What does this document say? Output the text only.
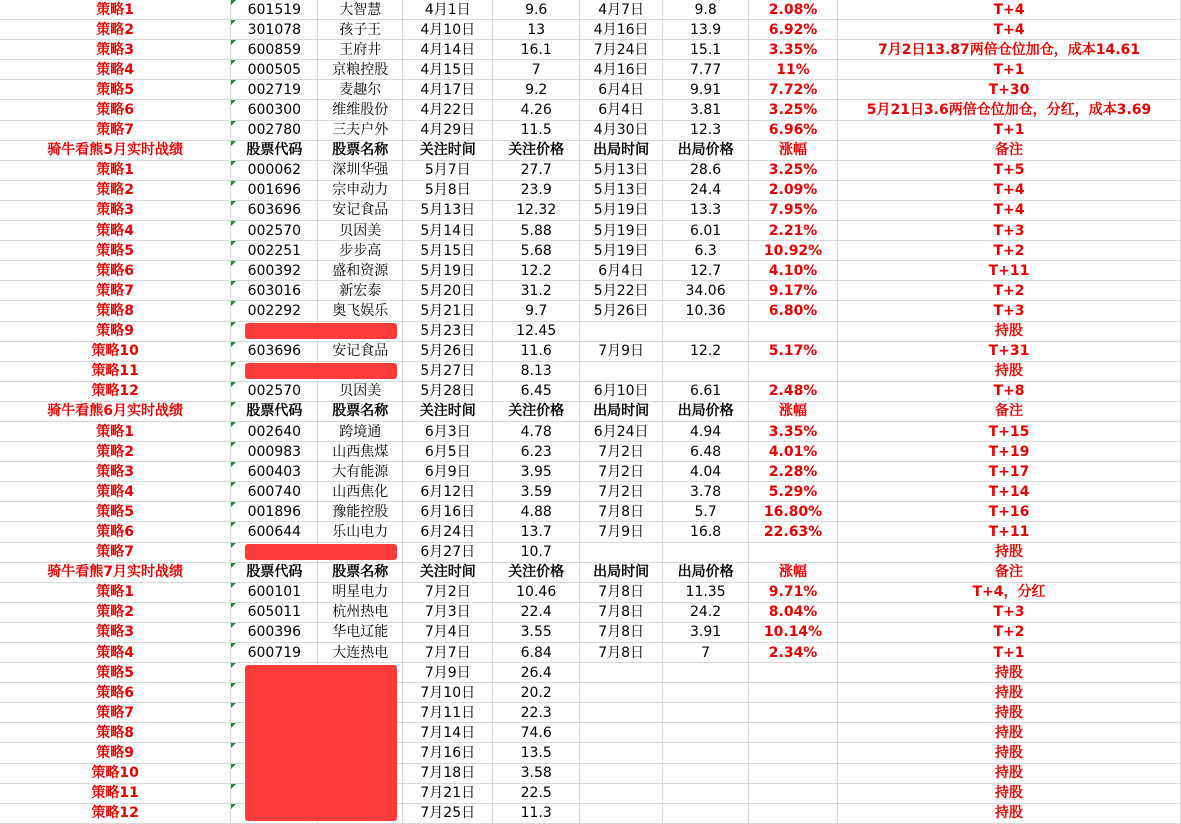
策略1	601519	大智慧	4月1日	9.6	4月7日	9.8	2.08%	T+4
策略2	301078	孩子王	4月10日	13	4月16日	13.9	6.92%	T+4
策略3	600859	王府井	4月14日	16.1	7月24日	15.1	3.35%	7月2日13.87两倍仓位加仓，成本14.61
策略4	000505	京粮控股	4月15日	7	4月16日	7.77	11%	T+1
策略5	002719	麦趣尔	4月17日	9.2	6月4日	9.91	7.72%	T+30
策略6	600300	维维股份	4月22日	4.26	6月4日	3.81	3.25%	5月21日3.6两倍仓位加仓，分红，成本3.69
策略7	002780	三夫户外	4月29日	11.5	4月30日	12.3	6.96%	T+1
骑牛看熊5月实时战绩	股票代码	股票名称	关注时间	关注价格	出局时间	出局价格	涨幅	备注
策略1	000062	深圳华强	5月7日	27.7	5月13日	28.6	3.25%	T+5
策略2	001696	宗申动力	5月8日	23.9	5月13日	24.4	2.09%	T+4
策略3	603696	安记食品	5月13日	12.32	5月19日	13.3	7.95%	T+4
策略4	002570	贝因美	5月14日	5.88	5月19日	6.01	2.21%	T+3
策略5	002251	步步高	5月15日	5.68	5月19日	6.3	10.92%	T+2
策略6	600392	盛和资源	5月19日	12.2	6月4日	12.7	4.10%	T+11
策略7	603016	新宏泰	5月20日	31.2	5月22日	34.06	9.17%	T+2
策略8	002292	奥飞娱乐	5月21日	9.7	5月26日	10.36	6.80%	T+3
策略9			5月23日	12.45				持股
策略10	603696	安记食品	5月26日	11.6	7月9日	12.2	5.17%	T+31
策略11			5月27日	8.13				持股
策略12	002570	贝因美	5月28日	6.45	6月10日	6.61	2.48%	T+8
骑牛看熊6月实时战绩	股票代码	股票名称	关注时间	关注价格	出局时间	出局价格	涨幅	备注
策略1	002640	跨境通	6月3日	4.78	6月24日	4.94	3.35%	T+15
策略2	000983	山西焦煤	6月5日	6.23	7月2日	6.48	4.01%	T+19
策略3	600403	大有能源	6月9日	3.95	7月2日	4.04	2.28%	T+17
策略4	600740	山西焦化	6月12日	3.59	7月2日	3.78	5.29%	T+14
策略5	001896	豫能控股	6月16日	4.88	7月8日	5.7	16.80%	T+16
策略6	600644	乐山电力	6月24日	13.7	7月9日	16.8	22.63%	T+11
策略7			6月27日	10.7				持股
骑牛看熊7月实时战绩	股票代码	股票名称	关注时间	关注价格	出局时间	出局价格	涨幅	备注
策略1	600101	明星电力	7月2日	10.46	7月8日	11.35	9.71%	T+4，分红
策略2	605011	杭州热电	7月3日	22.4	7月8日	24.2	8.04%	T+3
策略3	600396	华电辽能	7月4日	3.55	7月8日	3.91	10.14%	T+2
策略4	600719	大连热电	7月7日	6.84	7月8日	7	2.34%	T+1
策略5			7月9日	26.4				持股
策略6			7月10日	20.2				持股
策略7			7月11日	22.3				持股
策略8			7月14日	74.6				持股
策略9			7月16日	13.5				持股
策略10			7月18日	3.58				持股
策略11			7月21日	22.5				持股
策略12			7月25日	11.3				持股
